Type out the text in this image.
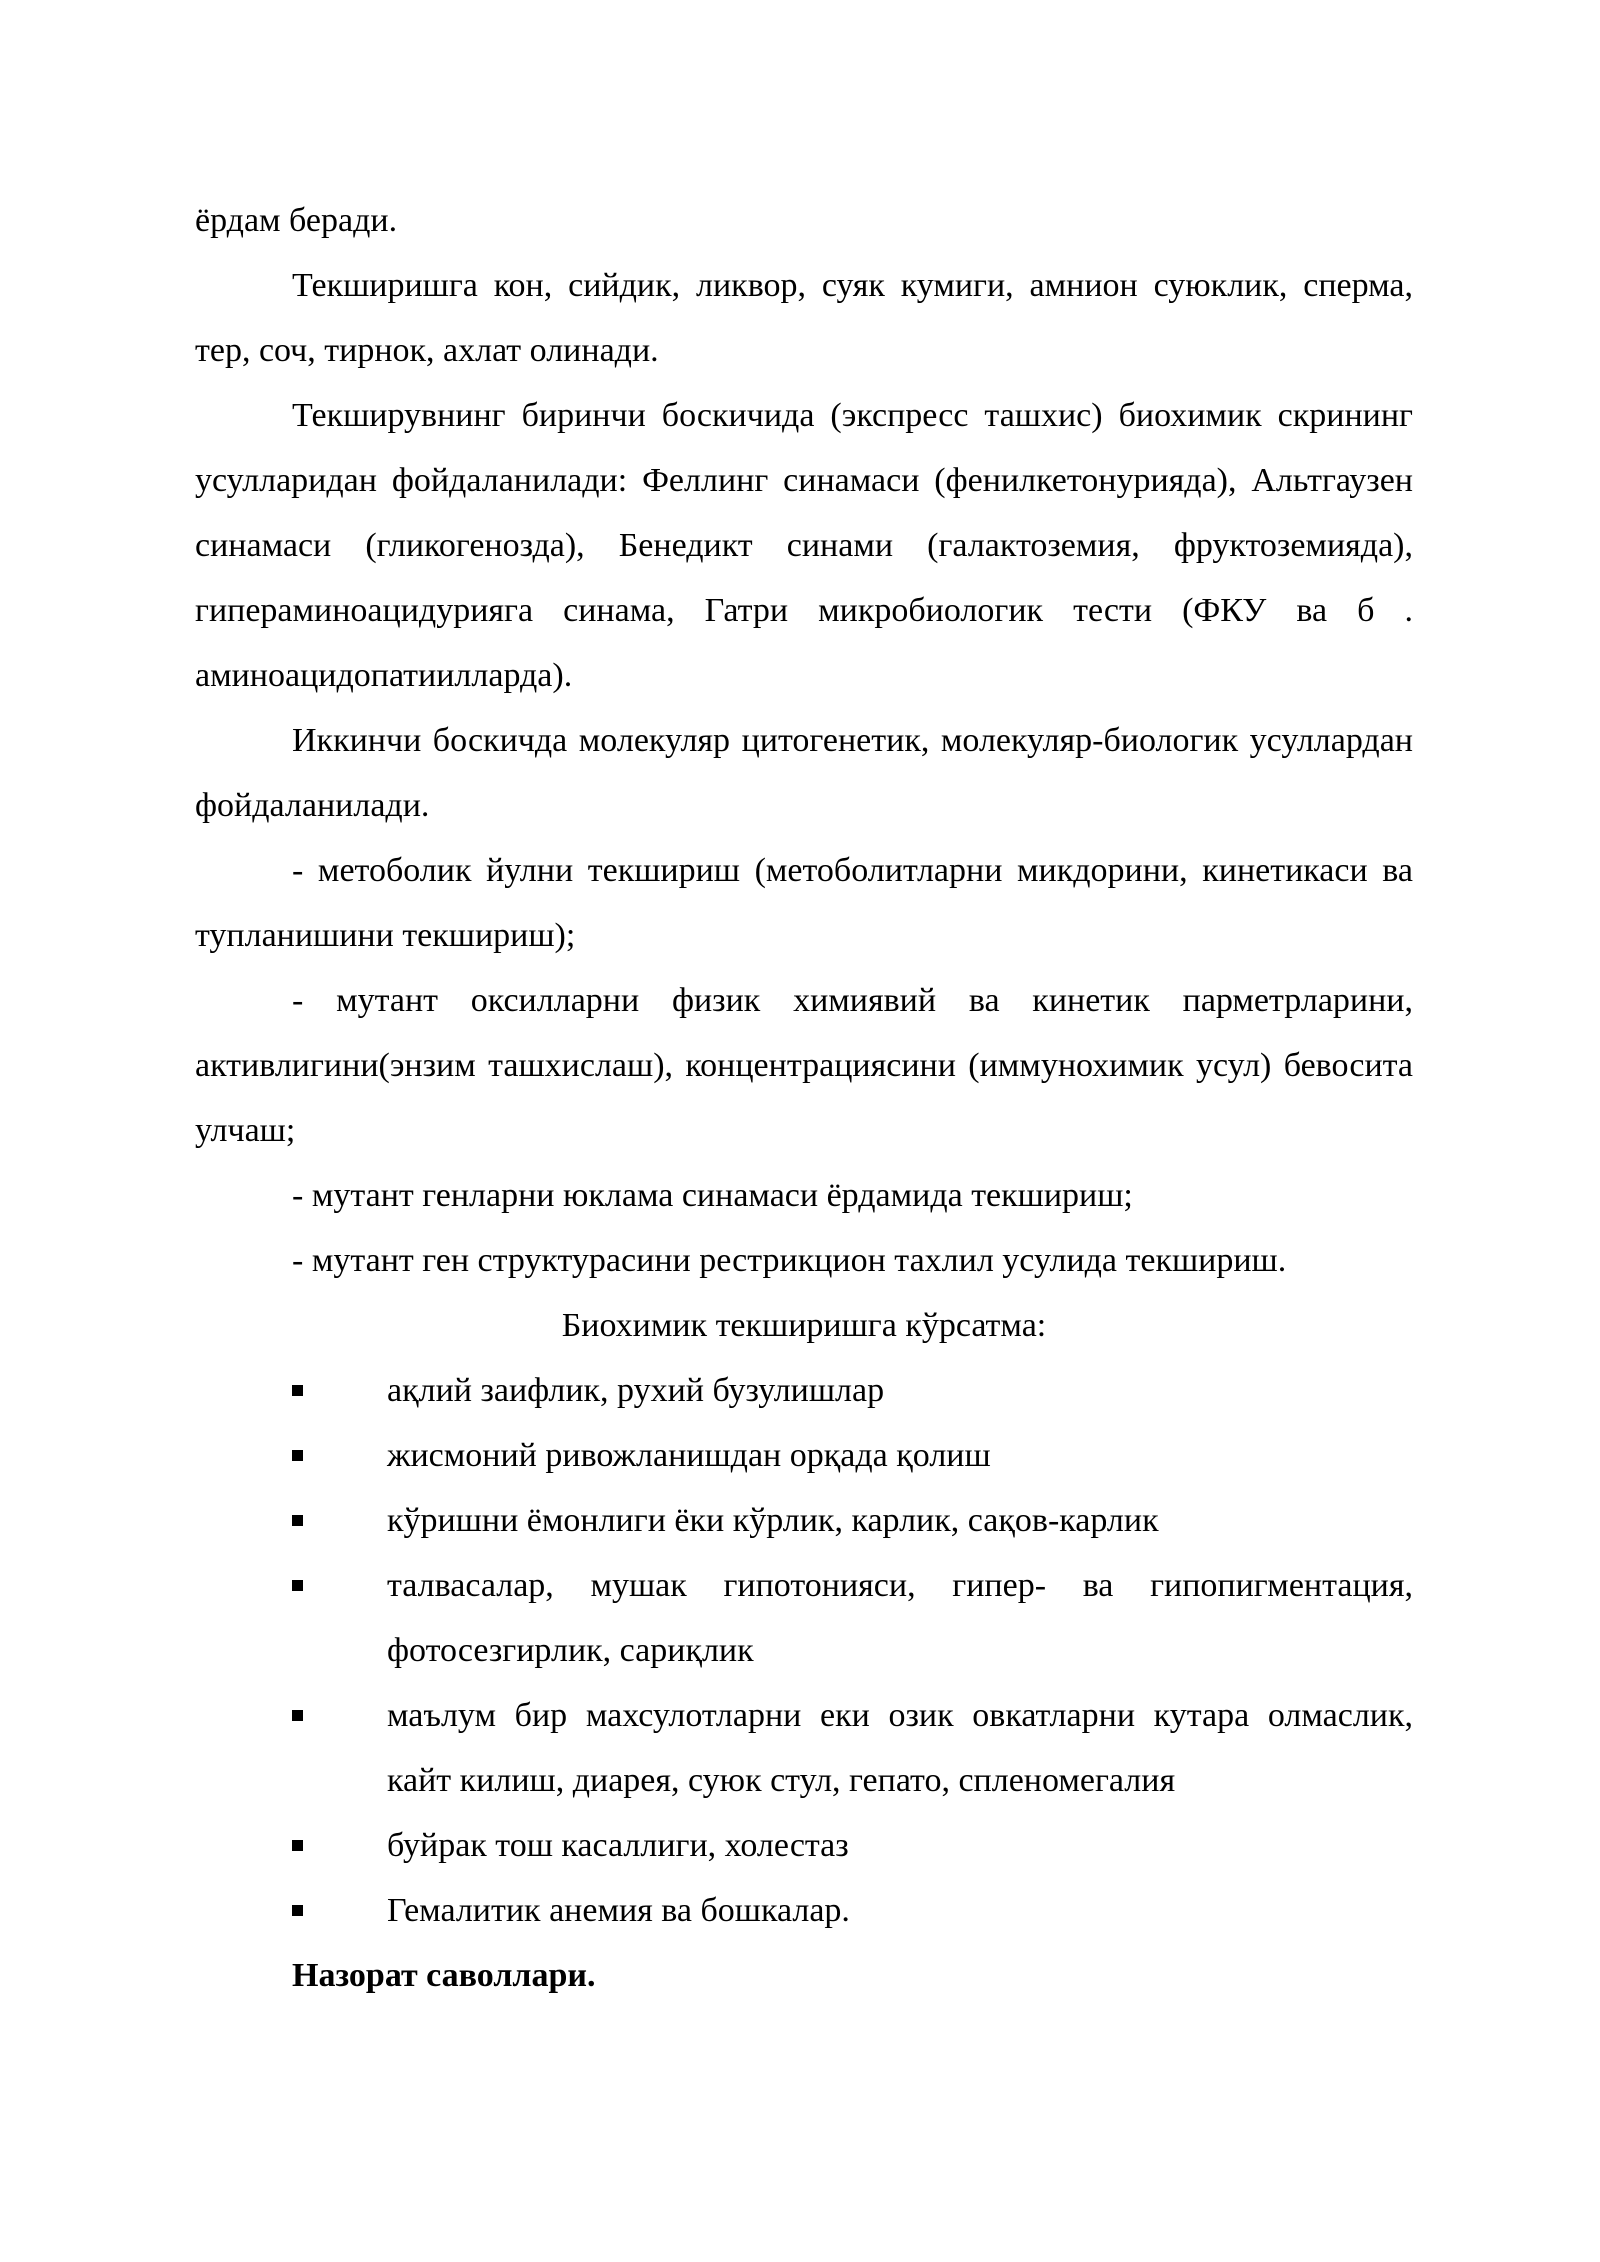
ёрдам беради.

Текширишга кон, сийдик, ликвор, суяк кумиги, амнион суюклик, сперма, тер, соч, тирнок, ахлат олинади.

Текширувнинг биринчи боскичида (экспресс ташхис) биохимик скрининг усулларидан фойдаланилади: Феллинг синамаси (фенилкетонурияда), Альтгаузен синамаси (гликогенозда), Бенедикт синами (галактоземия, фруктоземияда), гипераминоацидурияга синама, Гатри микробиологик тести (ФКУ ва б . аминоацидопатиилларда).

Иккинчи боскичда молекуляр цитогенетик, молекуляр-биологик усуллардан фойдаланилади.

- метоболик йулни текшириш (метоболитларни микдорини, кинетикаси ва тупланишини текшириш);

- мутант оксилларни физик химиявий ва кинетик парметрларини, активлигини(энзим ташхислаш), концентрациясини (иммунохимик усул) бевосита улчаш;

- мутант генларни юклама синамаси ёрдамида текшириш;

- мутант ген структурасини рестрикцион тахлил усулида текшириш.

Биохимик текширишга кўрсатма:

ақлий заифлик, рухий бузулишлар
жисмоний ривожланишдан орқада қолиш
кўришни ёмонлиги ёки кўрлик, карлик, сақов-карлик
талвасалар, мушак гипотонияси, гипер- ва гипопигментация, фотосезгирлик, сариқлик
маълум бир махсулотларни еки озик овкатларни кутара олмаслик, кайт килиш, диарея, суюк стул, гепато, спленомегалия
буйрак тош касаллиги, холестаз
Гемалитик анемия ва бошкалар.

Назорат саволлари.
